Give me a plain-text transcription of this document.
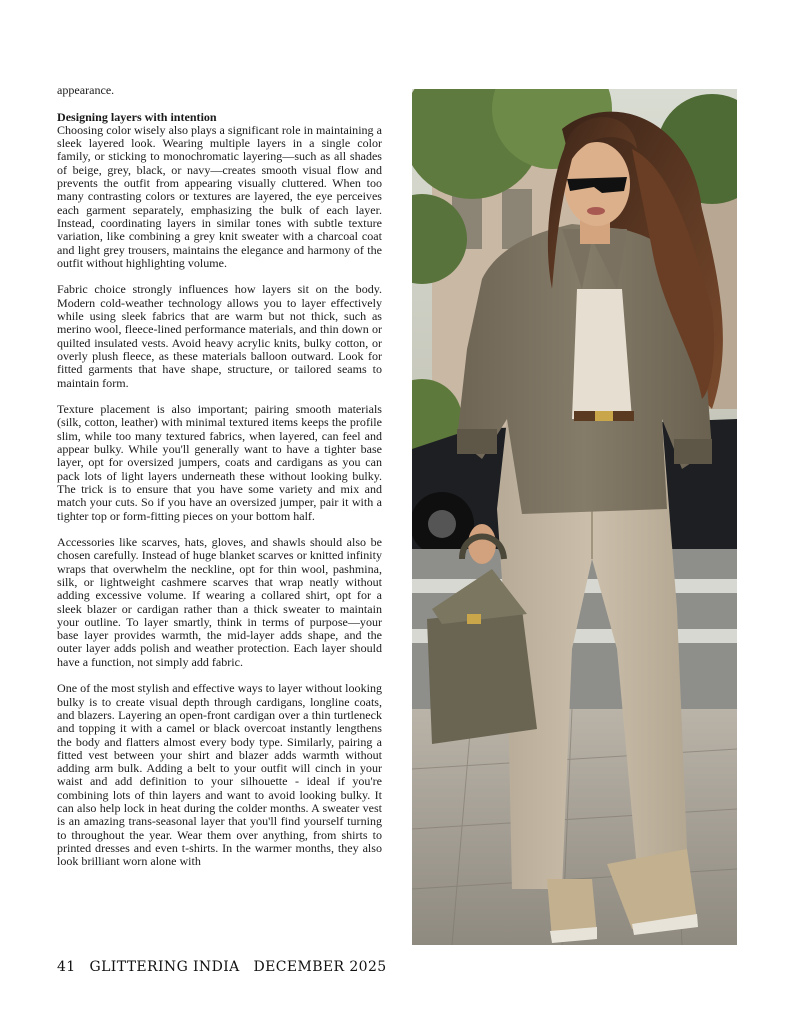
appearance.

Designing layers with intention

Choosing color wisely also plays a significant role in maintaining a sleek layered look. Wearing multiple layers in a single color family, or sticking to monochromatic layering—such as all shades of beige, grey, black, or navy—creates smooth visual flow and prevents the outfit from appearing visually cluttered. When too many contrasting colors or textures are layered, the eye perceives each garment separately, emphasizing the bulk of each layer. Instead, coordinating layers in similar tones with subtle texture variation, like combining a grey knit sweater with a charcoal coat and light grey trousers, maintains the elegance and harmony of the outfit without highlighting volume.

Fabric choice strongly influences how layers sit on the body. Modern cold-weather technology allows you to layer effectively while using sleek fabrics that are warm but not thick, such as merino wool, fleece-lined performance materials, and thin down or quilted insulated vests. Avoid heavy acrylic knits, bulky cotton, or overly plush fleece, as these materials balloon outward. Look for fitted garments that have shape, structure, or tailored seams to maintain form.

Texture placement is also important; pairing smooth materials (silk, cotton, leather) with minimal textured items keeps the profile slim, while too many textured fabrics, when layered, can feel and appear bulky. While you'll generally want to have a tighter base layer, opt for oversized jumpers, coats and cardigans as you can pack lots of light layers underneath these without looking bulky. The trick is to ensure that you have some variety and mix and match your cuts. So if you have an oversized jumper, pair it with a tighter top or form-fitting pieces on your bottom half.

Accessories like scarves, hats, gloves, and shawls should also be chosen carefully. Instead of huge blanket scarves or knitted infinity wraps that overwhelm the neckline, opt for thin wool, pashmina, silk, or lightweight cashmere scarves that wrap neatly without adding excessive volume. If wearing a collared shirt, opt for a sleek blazer or cardigan rather than a thick sweater to maintain your outline. To layer smartly, think in terms of purpose—your base layer provides warmth, the mid-layer adds shape, and the outer layer adds polish and weather protection. Each layer should have a function, not simply add fabric.

One of the most stylish and effective ways to layer without looking bulky is to create visual depth through cardigans, longline coats, and blazers. Layering an open-front cardigan over a thin turtleneck and topping it with a camel or black overcoat instantly lengthens the body and flatters almost every body type. Similarly, pairing a fitted vest between your shirt and blazer adds warmth without adding arm bulk. Adding a belt to your outfit will cinch in your waist and add definition to your silhouette - ideal if you're combining lots of thin layers and want to avoid looking bulky. It can also help lock in heat during the colder months. A sweater vest is an amazing trans-seasonal layer that you'll find yourself turning to throughout the year. Wear them over anything, from shirts to printed dresses and even t-shirts. In the warmer months, they also look brilliant worn alone with

41 GLITTERING INDIA DECEMBER 2025
